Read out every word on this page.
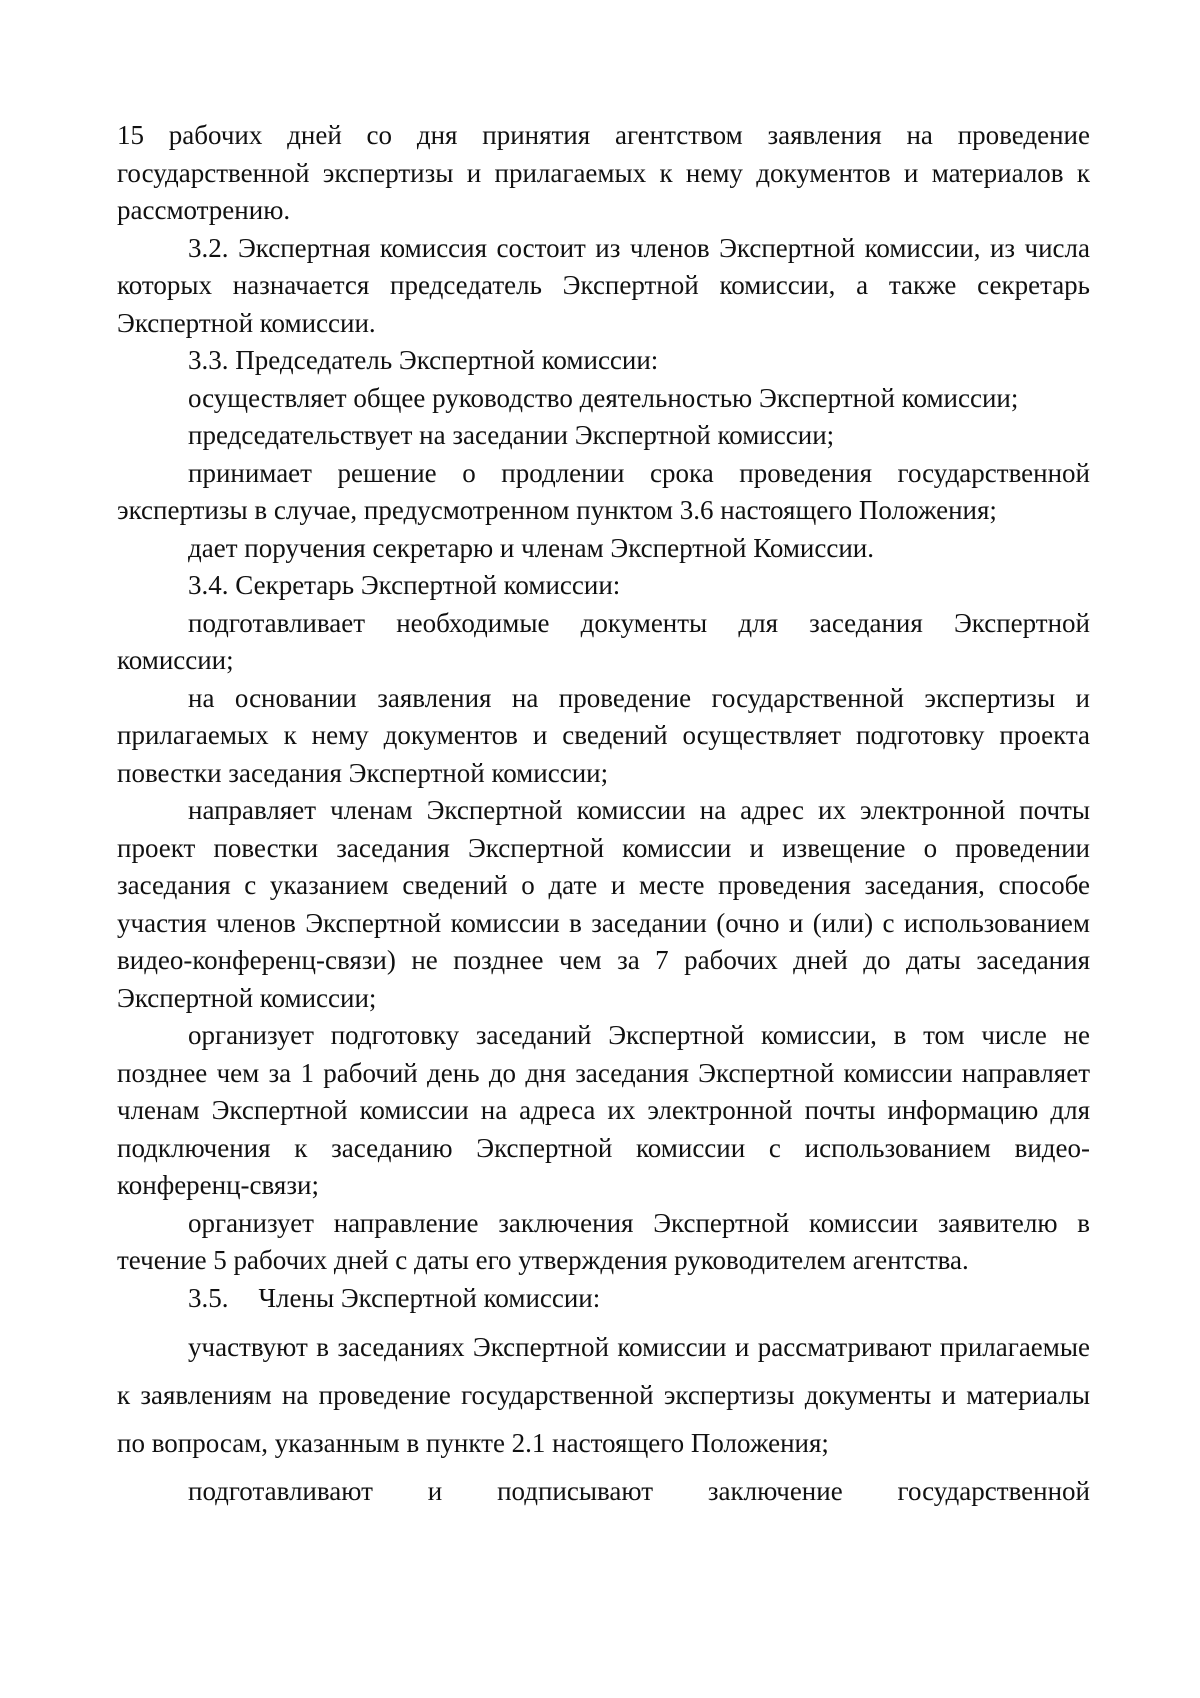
15 рабочих дней со дня принятия агентством заявления на проведение государственной экспертизы и прилагаемых к нему документов и материалов к рассмотрению.

3.2. Экспертная комиссия состоит из членов Экспертной комиссии, из числа которых назначается председатель Экспертной комиссии, а также секретарь Экспертной комиссии.

3.3. Председатель Экспертной комиссии:

осуществляет общее руководство деятельностью Экспертной комиссии;

председательствует на заседании Экспертной комиссии;

принимает решение о продлении срока проведения государственной экспертизы в случае, предусмотренном пунктом 3.6 настоящего Положения;

дает поручения секретарю и членам Экспертной Комиссии.

3.4. Секретарь Экспертной комиссии:

подготавливает необходимые документы для заседания Экспертной комиссии;

на основании заявления на проведение государственной экспертизы и прилагаемых к нему документов и сведений осуществляет подготовку проекта повестки заседания Экспертной комиссии;

направляет членам Экспертной комиссии на адрес их электронной почты проект повестки заседания Экспертной комиссии и извещение о проведении заседания с указанием сведений о дате и месте проведения заседания, способе участия членов Экспертной комиссии в заседании (очно и (или) с использованием видео-конференц-связи) не позднее чем за 7 рабочих дней до даты заседания Экспертной комиссии;

организует подготовку заседаний Экспертной комиссии, в том числе не позднее чем за 1 рабочий день до дня заседания Экспертной комиссии направляет членам Экспертной комиссии на адреса их электронной почты информацию для подключения к заседанию Экспертной комиссии с использованием видео-конференц-связи;

организует направление заключения Экспертной комиссии заявителю в течение 5 рабочих дней с даты его утверждения руководителем агентства.

3.5. Члены Экспертной комиссии:

участвуют в заседаниях Экспертной комиссии и рассматривают прилагаемые к заявлениям на проведение государственной экспертизы документы и материалы по вопросам, указанным в пункте 2.1 настоящего Положения;

подготавливают и подписывают заключение государственной
